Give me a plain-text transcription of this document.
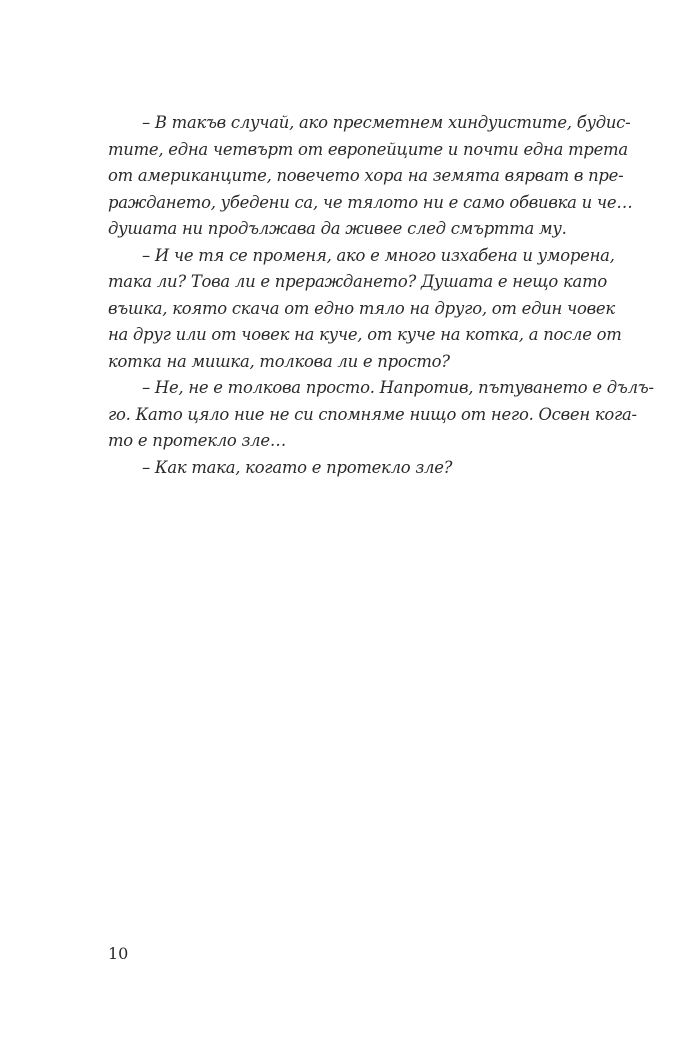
– В такъв случай, ако пресметнем хиндуистите, будис-
тите, една четвърт от европейците и почти една трета
от американците, повечето хора на земята вярват в пре-
раждането, убедени са, че тялото ни е само обвивка и че…
душата ни продължава да живее след смъртта му.
– И че тя се променя, ако е много изхабена и уморена,
така ли? Това ли е прераждането? Душата е нещо като
въшка, която скача от едно тяло на друго, от един човек
на друг или от човек на куче, от куче на котка, а после от
котка на мишка, толкова ли е просто?
– Не, не е толкова просто. Напротив, пътуването е дълъ-
го. Като цяло ние не си спомняме нищо от него. Освен кога-
то е протекло зле…
– Как така, когато е протекло зле?
10
